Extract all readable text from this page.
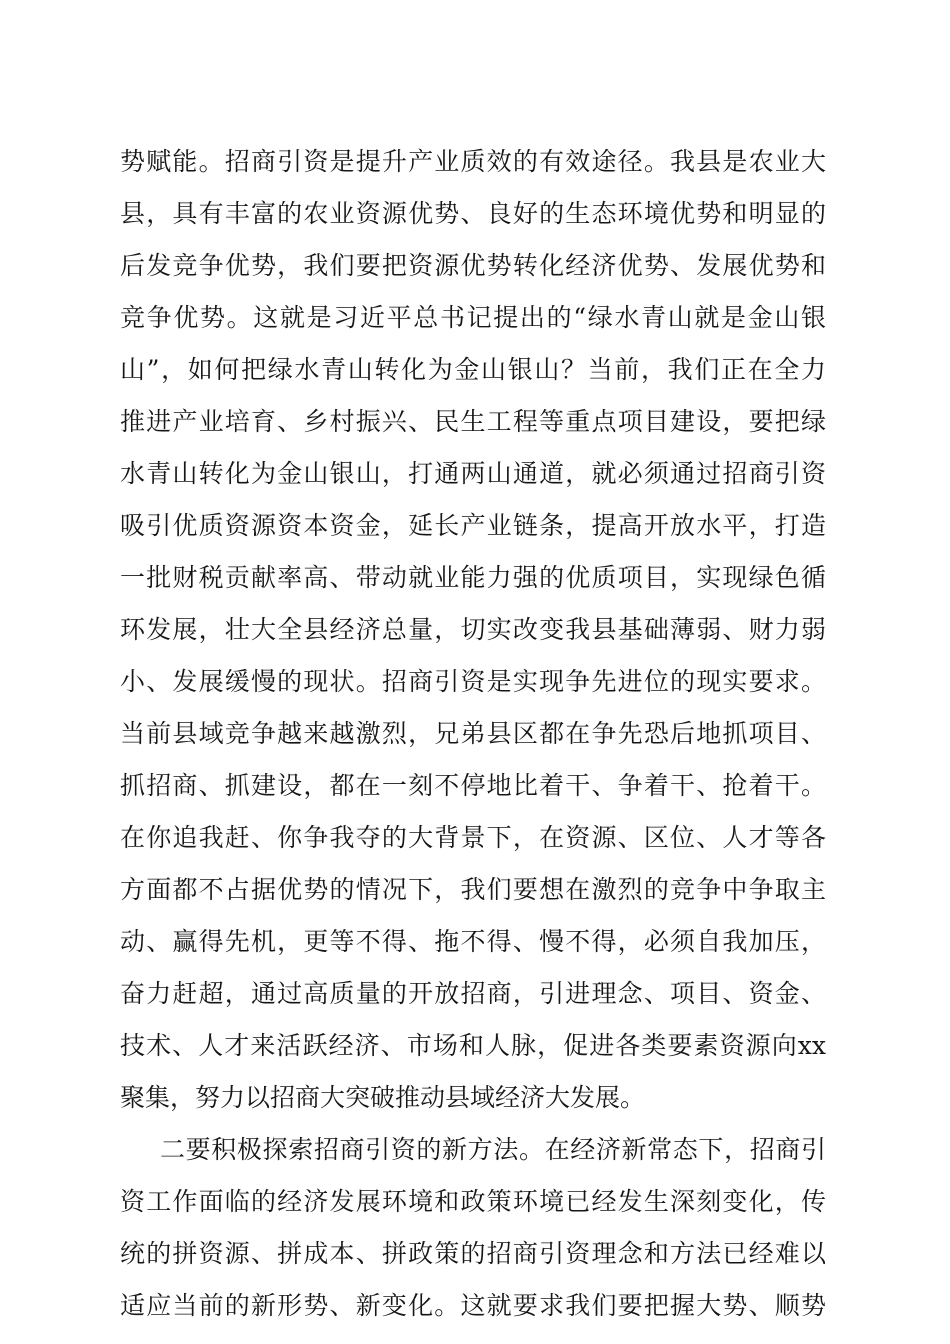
势赋能。招商引资是提升产业质效的有效途径。我县是农业大
县，具有丰富的农业资源优势、良好的生态环境优势和明显的
后发竞争优势，我们要把资源优势转化经济优势、发展优势和
竞争优势。这就是习近平总书记提出的“绿水青山就是金山银
山”，如何把绿水青山转化为金山银山？当前，我们正在全力
推进产业培育、乡村振兴、民生工程等重点项目建设，要把绿
水青山转化为金山银山，打通两山通道，就必须通过招商引资
吸引优质资源资本资金，延长产业链条，提高开放水平，打造
一批财税贡献率高、带动就业能力强的优质项目，实现绿色循
环发展，壮大全县经济总量，切实改变我县基础薄弱、财力弱
小、发展缓慢的现状。招商引资是实现争先进位的现实要求。
当前县域竞争越来越激烈，兄弟县区都在争先恐后地抓项目、
抓招商、抓建设，都在一刻不停地比着干、争着干、抢着干。
在你追我赶、你争我夺的大背景下，在资源、区位、人才等各
方面都不占据优势的情况下，我们要想在激烈的竞争中争取主
动、赢得先机，更等不得、拖不得、慢不得，必须自我加压，
奋力赶超，通过高质量的开放招商，引进理念、项目、资金、
技术、人才来活跃经济、市场和人脉，促进各类要素资源向xx
聚集，努力以招商大突破推动县域经济大发展。
二要积极探索招商引资的新方法。在经济新常态下，招商引
资工作面临的经济发展环境和政策环境已经发生深刻变化，传
统的拼资源、拼成本、拼政策的招商引资理念和方法已经难以
适应当前的新形势、新变化。这就要求我们要把握大势、顺势
